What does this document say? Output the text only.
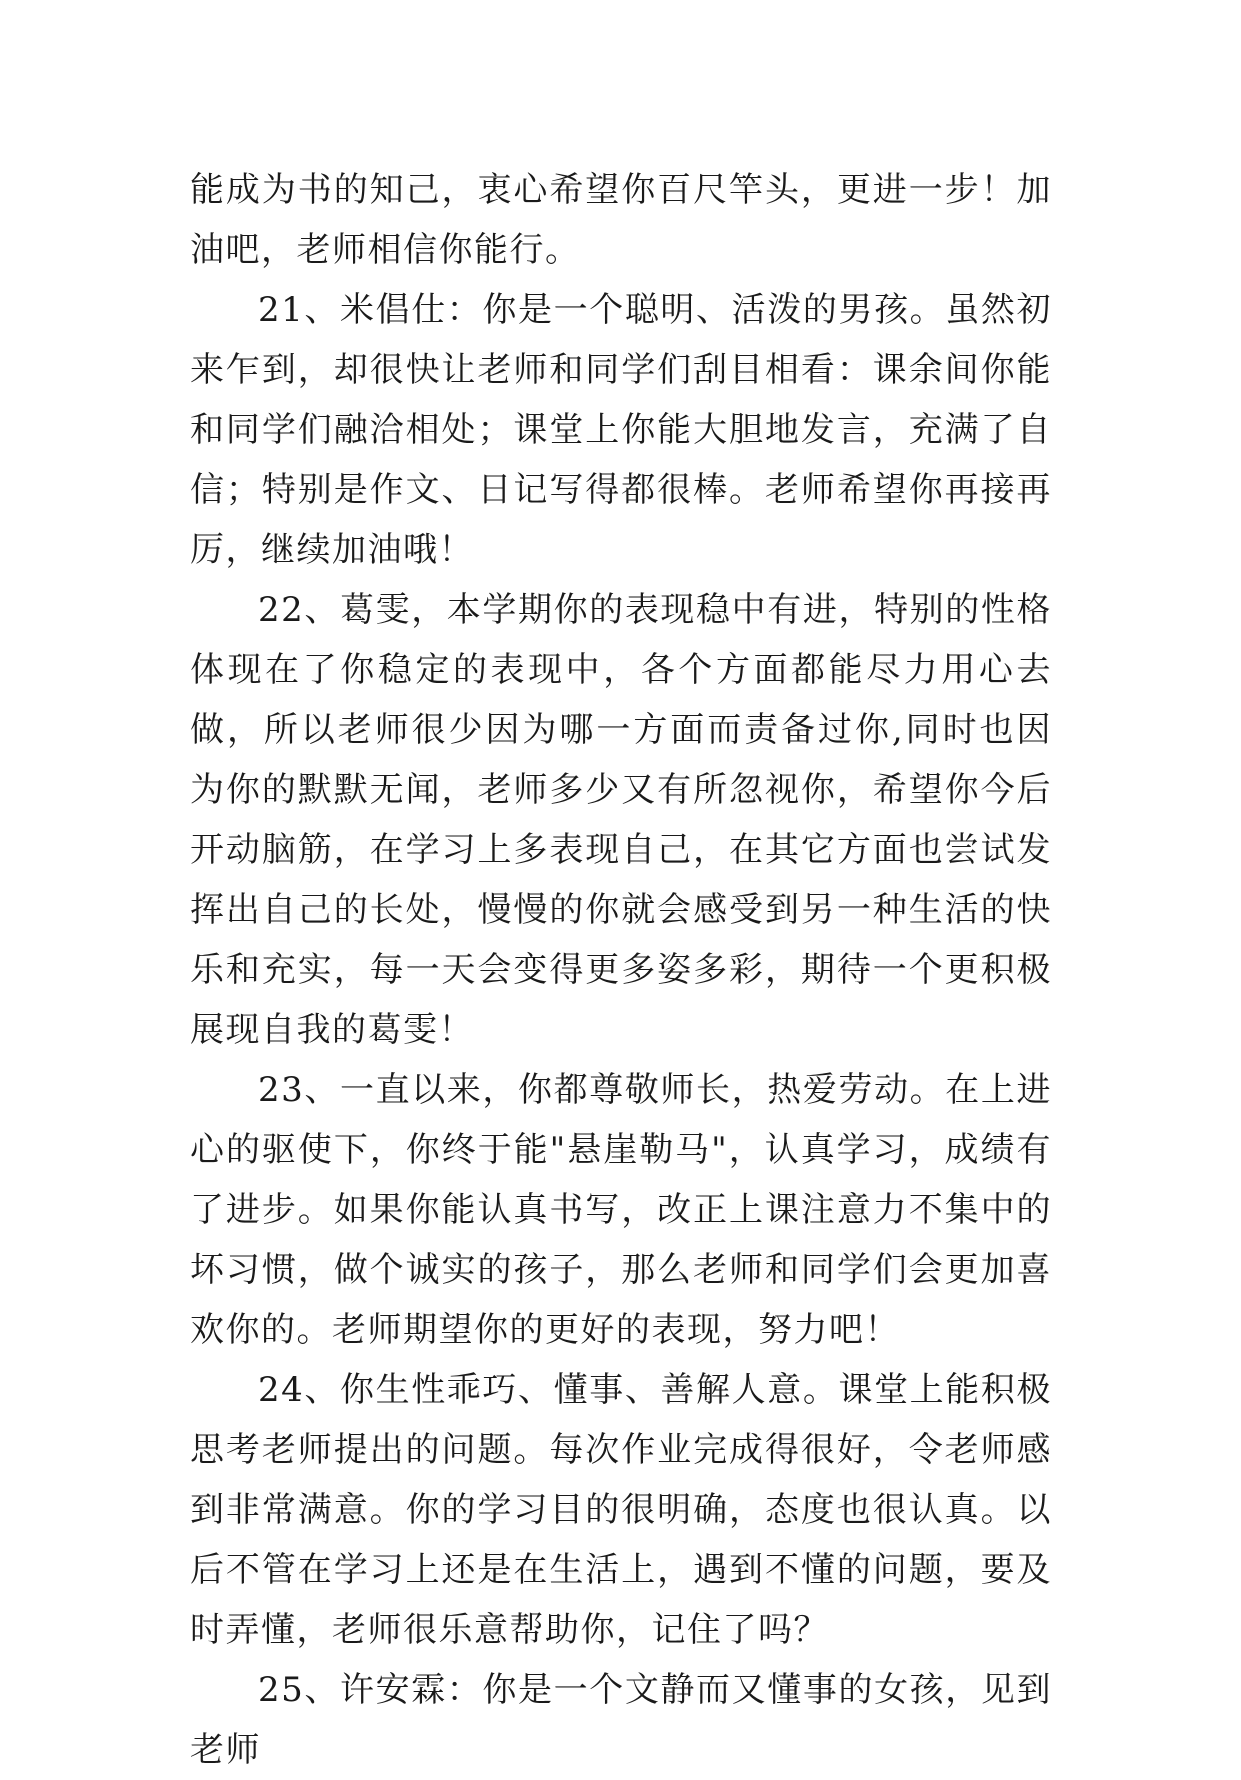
能成为书的知己，衷心希望你百尺竿头，更进一步！加油吧，老师相信你能行。

21、米倡仕：你是一个聪明、活泼的男孩。虽然初来乍到，却很快让老师和同学们刮目相看：课余间你能和同学们融洽相处；课堂上你能大胆地发言，充满了自信；特别是作文、日记写得都很棒。老师希望你再接再厉，继续加油哦！

22、葛雯，本学期你的表现稳中有进，特别的性格体现在了你稳定的表现中，各个方面都能尽力用心去做，所以老师很少因为哪一方面而责备过你,同时也因为你的默默无闻，老师多少又有所忽视你，希望你今后开动脑筋，在学习上多表现自己，在其它方面也尝试发挥出自己的长处，慢慢的你就会感受到另一种生活的快乐和充实，每一天会变得更多姿多彩，期待一个更积极展现自我的葛雯！

23、一直以来，你都尊敬师长，热爱劳动。在上进心的驱使下，你终于能"悬崖勒马"，认真学习，成绩有了进步。如果你能认真书写，改正上课注意力不集中的坏习惯，做个诚实的孩子，那么老师和同学们会更加喜欢你的。老师期望你的更好的表现，努力吧！

24、你生性乖巧、懂事、善解人意。课堂上能积极思考老师提出的问题。每次作业完成得很好，令老师感到非常满意。你的学习目的很明确，态度也很认真。以后不管在学习上还是在生活上，遇到不懂的问题，要及时弄懂，老师很乐意帮助你，记住了吗？

25、许安霖：你是一个文静而又懂事的女孩，见到老师
